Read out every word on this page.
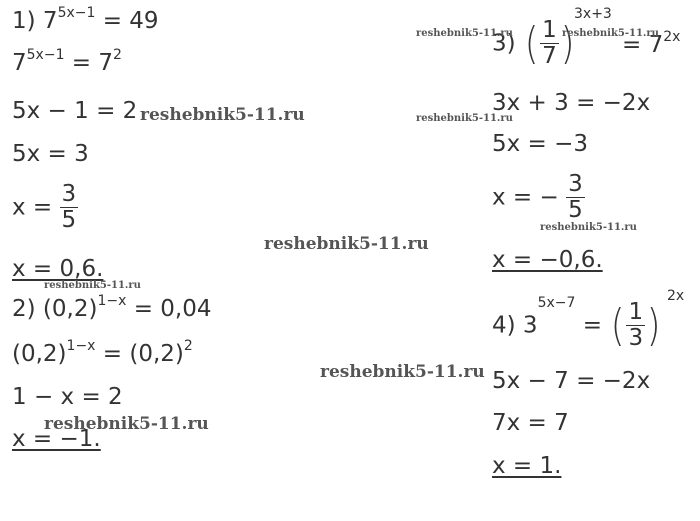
1) $7^{5x-1} = 49$
$7^{5x-1} = 7^2$
5x − 1 = 2
5x = 3
$x = \frac{3}{5}$
x = 0,6.
2) $(0,2)^{1-x} = 0,04$
$(0,2)^{1-x} = (0,2)^2$
1 − x = 2
x = −1.
3) ( $\frac{1}{7}$ )
3x+3
= $7^{2x}$
3x + 3 = −2x
5x = −3
x = − $\frac{3}{5}$
x = −0,6.
4) $3^{5x-7}$ = ( $\frac{1}{3}$ )
2x
5x − 7 = −2x
7x = 7
x = 1.
reshebnik5-11.ru	reshebnik5-11.ru
reshebnik5-11.ru	reshebnik5-11.ru
reshebnik5-11.ru
reshebnik5-11.ru
reshebnik5-11.ru
reshebnik5-11.ru
reshebnik5-11.ru
